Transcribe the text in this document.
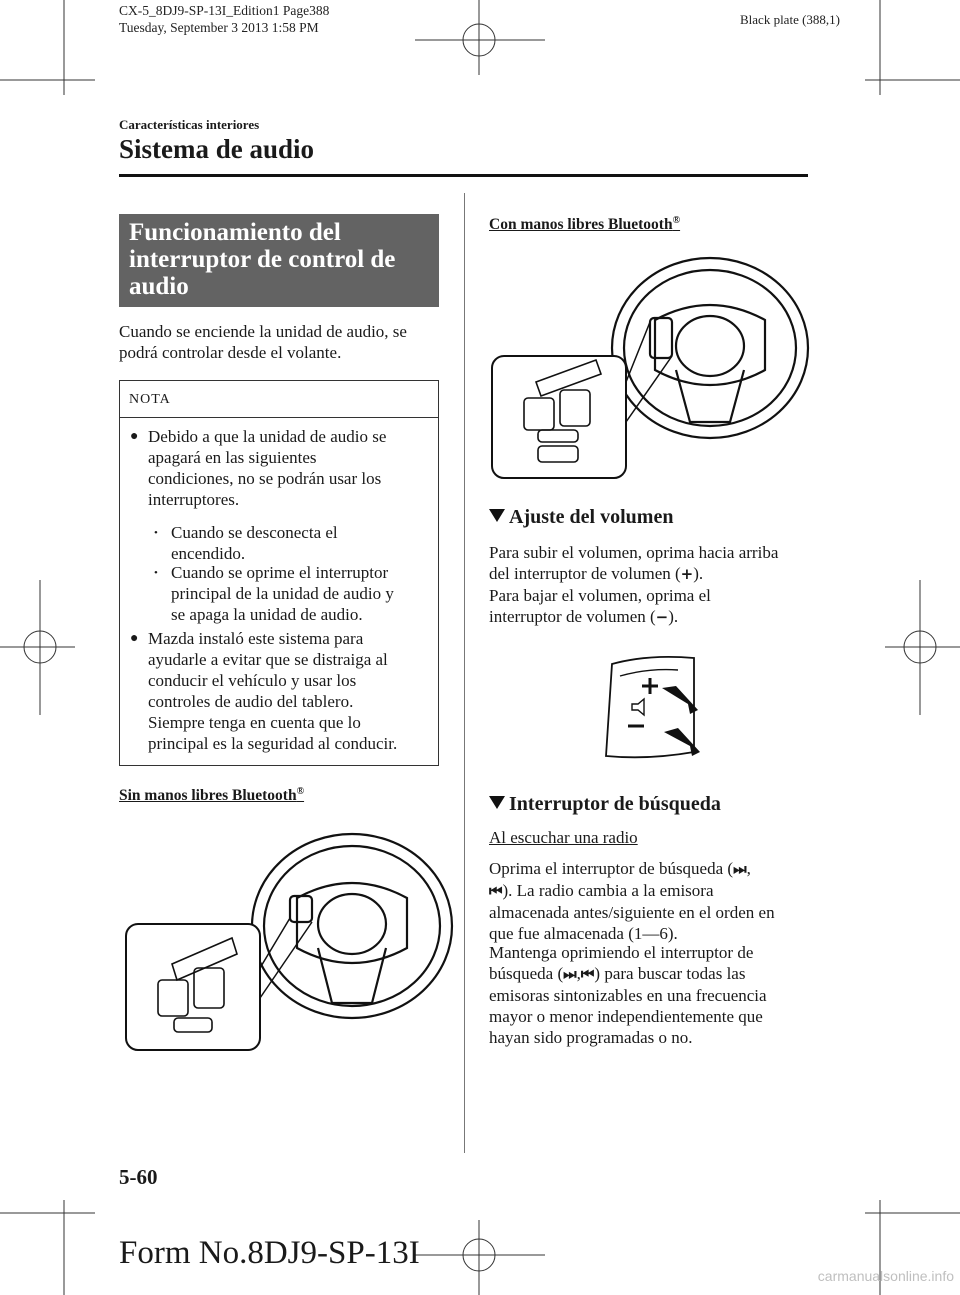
CX-5_8DJ9-SP-13I_Edition1 Page388
Tuesday, September 3 2013 1:58 PM
Black plate (388,1)
Características interiores
Sistema de audio
Funcionamiento del
interruptor de control de
audio
Cuando se enciende la unidad de audio, se
podrá controlar desde el volante.
NOTA
● Debido a que la unidad de audio se
apagará en las siguientes
condiciones, no se podrán usar los
interruptores.
• Cuando se desconecta el
encendido.
• Cuando se oprime el interruptor
principal de la unidad de audio y
se apaga la unidad de audio.
● Mazda instaló este sistema para
ayudarle a evitar que se distraiga al
conducir el vehículo y usar los
controles de audio del tablero.
Siempre tenga en cuenta que lo
principal es la seguridad al conducir.
Sin manos libres Bluetooth®
Con manos libres Bluetooth®
Ajuste del volumen
Para subir el volumen, oprima hacia arriba
del interruptor de volumen (+).
Para bajar el volumen, oprima el
interruptor de volumen (−).
Interruptor de búsqueda
Al escuchar una radio
Oprima el interruptor de búsqueda (⏭,
⏮). La radio cambia a la emisora
almacenada antes/siguiente en el orden en
que fue almacenada (1―6).
Mantenga oprimiendo el interruptor de
búsqueda (⏭,⏮) para buscar todas las
emisoras sintonizables en una frecuencia
mayor o menor independientemente que
hayan sido programadas o no.
5-60
Form No.8DJ9-SP-13I
carmanualsonline.info
